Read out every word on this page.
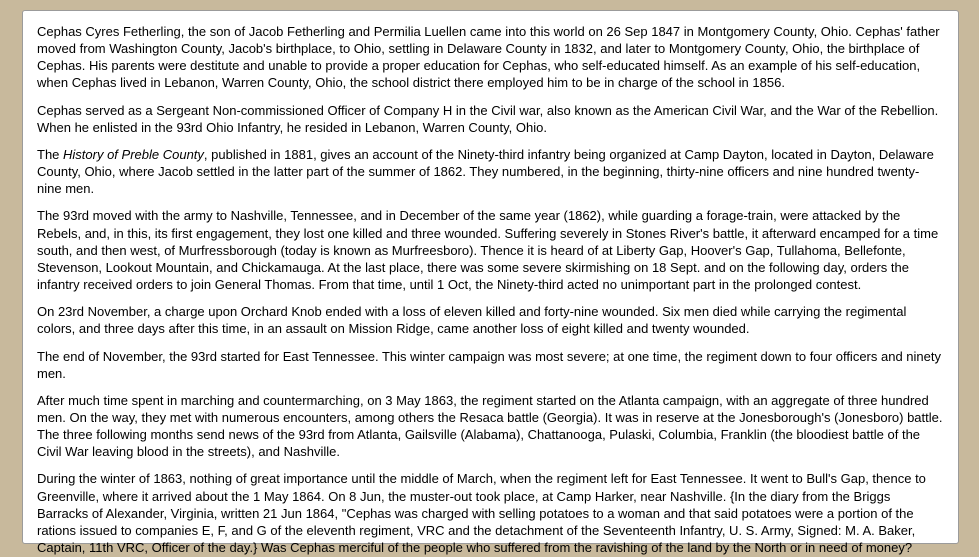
Cephas Cyres Fetherling, the son of Jacob Fetherling and Permilia Luellen came into this world on 26 Sep 1847 in Montgomery County, Ohio. Cephas' father moved from Washington County, Jacob's birthplace, to Ohio, settling in Delaware County in 1832, and later to Montgomery County, Ohio, the birthplace of Cephas. His parents were destitute and unable to provide a proper education for Cephas, who self-educated himself. As an example of his self-education, when Cephas lived in Lebanon, Warren County, Ohio, the school district there employed him to be in charge of the school in 1856.

Cephas served as a Sergeant Non-commissioned Officer of Company H in the Civil war, also known as the American Civil War, and the War of the Rebellion. When he enlisted in the 93rd Ohio Infantry, he resided in Lebanon, Warren County, Ohio.

The History of Preble County, published in 1881, gives an account of the Ninety-third infantry being organized at Camp Dayton, located in Dayton, Delaware County, Ohio, where Jacob settled in the latter part of the summer of 1862. They numbered, in the beginning, thirty-nine officers and nine hundred twenty-nine men.

The 93rd moved with the army to Nashville, Tennessee, and in December of the same year (1862), while guarding a forage-train, were attacked by the Rebels, and, in this, its first engagement, they lost one killed and three wounded. Suffering severely in Stones River's battle, it afterward encamped for a time south, and then west, of Murfressborough (today is known as Murfreesboro). Thence it is heard of at Liberty Gap, Hoover's Gap, Tullahoma, Bellefonte, Stevenson, Lookout Mountain, and Chickamauga. At the last place, there was some severe skirmishing on 18 Sept. and on the following day, orders the infantry received orders to join General Thomas. From that time, until 1 Oct, the Ninety-third acted no unimportant part in the prolonged contest.

On 23rd November, a charge upon Orchard Knob ended with a loss of eleven killed and forty-nine wounded. Six men died while carrying the regimental colors, and three days after this time, in an assault on Mission Ridge, came another loss of eight killed and twenty wounded.

The end of November, the 93rd started for East Tennessee. This winter campaign was most severe; at one time, the regiment down to four officers and ninety men.

After much time spent in marching and countermarching, on 3 May 1863, the regiment started on the Atlanta campaign, with an aggregate of three hundred men. On the way, they met with numerous encounters, among others the Resaca battle (Georgia). It was in reserve at the Jonesborough's (Jonesboro) battle. The three following months send news of the 93rd from Atlanta, Gailsville (Alabama), Chattanooga, Pulaski, Columbia, Franklin (the bloodiest battle of the Civil War leaving blood in the streets), and Nashville.

During the winter of 1863, nothing of great importance until the middle of March, when the regiment left for East Tennessee. It went to Bull's Gap, thence to Greenville, where it arrived about the 1 May 1864. On 8 Jun, the muster-out took place, at Camp Harker, near Nashville. {In the diary from the Briggs Barracks of Alexander, Virginia, written 21 Jun 1864, "Cephas was charged with selling potatoes to a woman and that said potatoes were a portion of the rations issued to companies E, F, and G of the eleventh regiment, VRC and the detachment of the Seventeenth Infantry, U. S. Army, Signed: M. A. Baker, Captain, 11th VRC, Officer of the day.} Was Cephas merciful of the people who suffered from the ravishing of the land by the North or in need of money?
